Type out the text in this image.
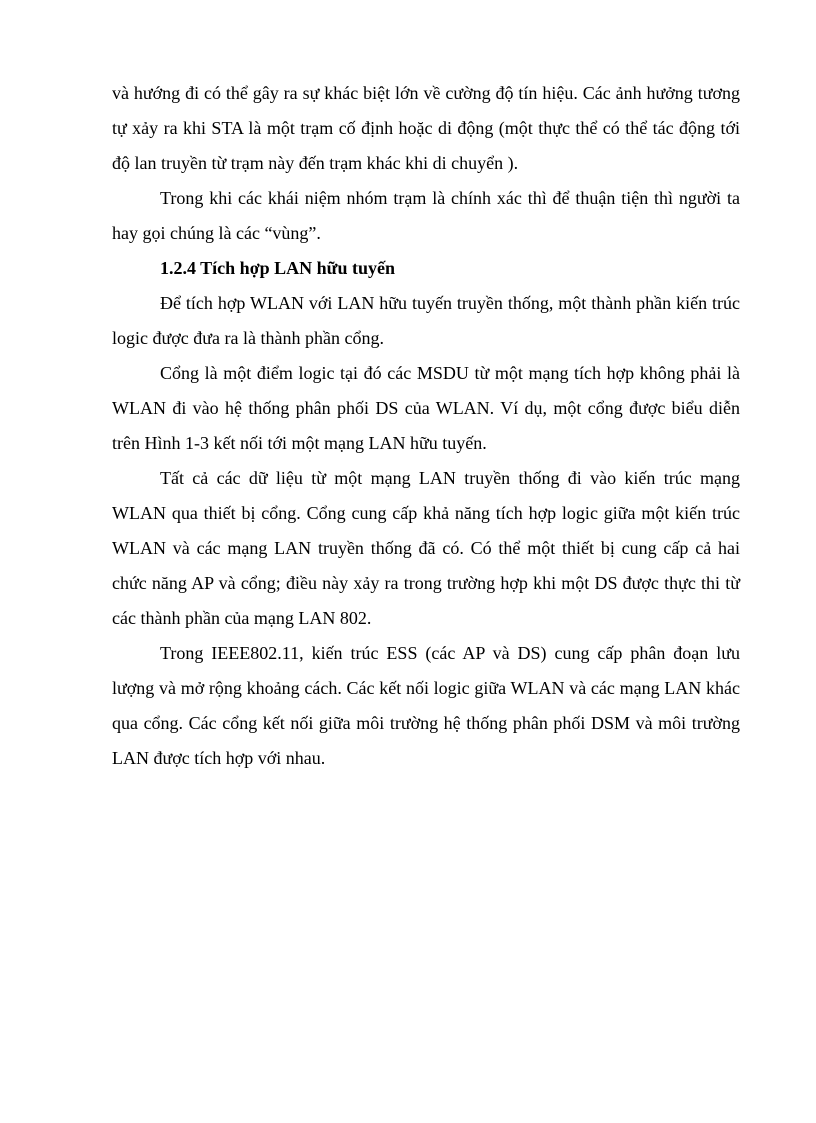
và hướng đi có thể gây ra sự khác biệt lớn về cường độ tín hiệu. Các ảnh hưởng tương tự xảy ra khi STA là một trạm cố định hoặc di động (một thực thể có thể tác động tới độ lan truyền từ trạm này đến trạm khác khi di chuyển ).

Trong khi các khái niệm nhóm trạm là chính xác thì để thuận tiện thì người ta hay gọi chúng là các “vùng”.

1.2.4 Tích hợp LAN hữu tuyến

Để tích hợp WLAN với LAN hữu tuyến truyền thống, một thành phần kiến trúc logic được đưa ra là thành phần cổng.

Cổng là một điểm logic tại đó các MSDU từ một mạng tích hợp không phải là WLAN đi vào hệ thống phân phối DS của WLAN. Ví dụ, một cổng được biểu diễn trên Hình 1-3 kết nối tới một mạng LAN hữu tuyến.

Tất cả các dữ liệu từ một mạng LAN truyền thống đi vào kiến trúc mạng WLAN qua thiết bị cổng. Cổng cung cấp khả năng tích hợp logic giữa một kiến trúc WLAN và các mạng LAN truyền thống đã có. Có thể một thiết bị cung cấp cả hai chức năng AP và cổng; điều này xảy ra trong trường hợp khi một DS được thực thi từ các thành phần của mạng LAN 802.

Trong IEEE802.11, kiến trúc ESS (các AP và DS) cung cấp phân đoạn lưu lượng và mở rộng khoảng cách. Các kết nối logic giữa WLAN và các mạng LAN khác qua cổng. Các cổng kết nối giữa môi trường hệ thống phân phối DSM và môi trường LAN được tích hợp với nhau.
